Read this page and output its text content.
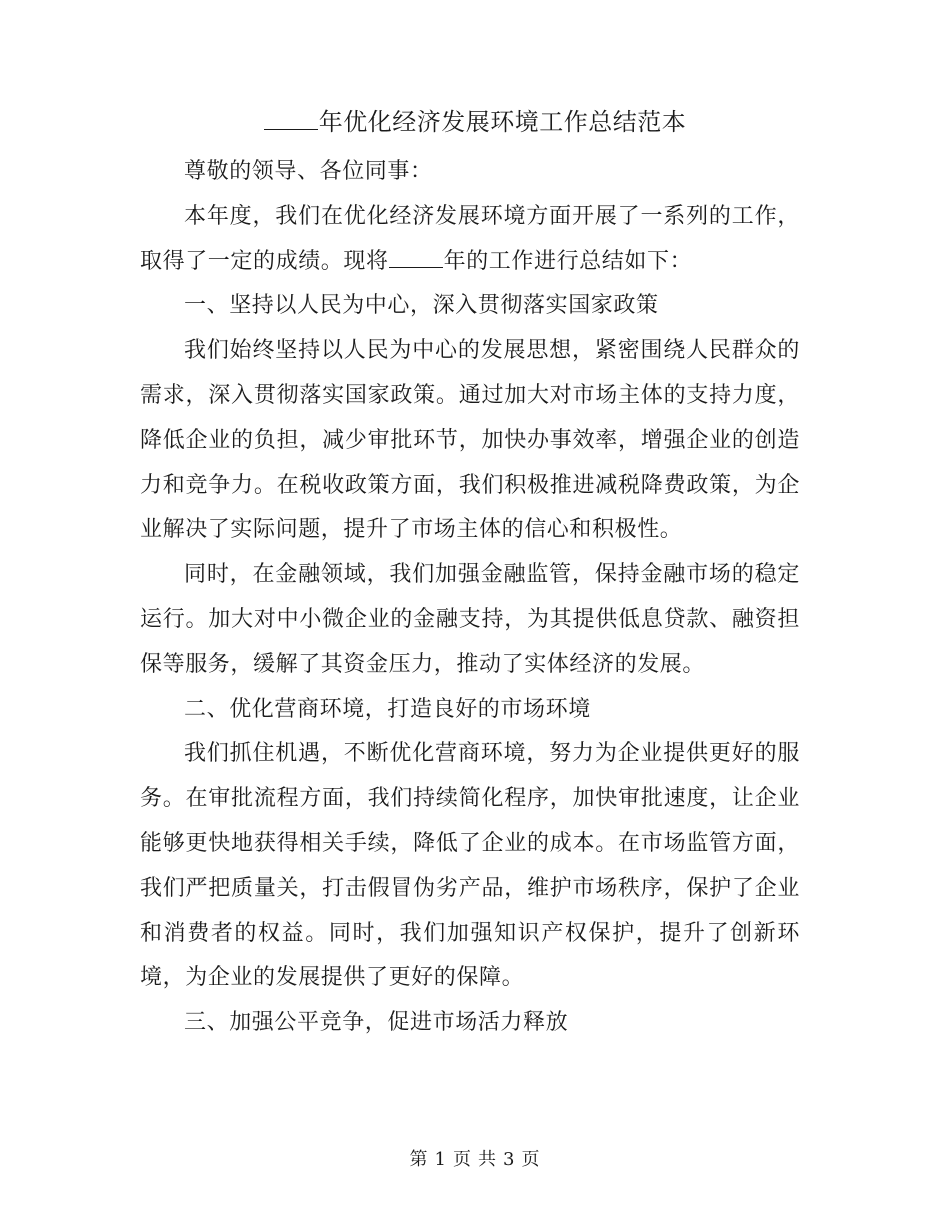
年优化经济发展环境工作总结范本

尊敬的领导、各位同事：

本年度，我们在优化经济发展环境方面开展了一系列的工作，取得了一定的成绩。现将	年的工作进行总结如下：

一、坚持以人民为中心，深入贯彻落实国家政策

我们始终坚持以人民为中心的发展思想，紧密围绕人民群众的需求，深入贯彻落实国家政策。通过加大对市场主体的支持力度，降低企业的负担，减少审批环节，加快办事效率，增强企业的创造力和竞争力。在税收政策方面，我们积极推进减税降费政策，为企业解决了实际问题，提升了市场主体的信心和积极性。

同时，在金融领域，我们加强金融监管，保持金融市场的稳定运行。加大对中小微企业的金融支持，为其提供低息贷款、融资担保等服务，缓解了其资金压力，推动了实体经济的发展。

二、优化营商环境，打造良好的市场环境

我们抓住机遇，不断优化营商环境，努力为企业提供更好的服务。在审批流程方面，我们持续简化程序，加快审批速度，让企业能够更快地获得相关手续，降低了企业的成本。在市场监管方面，我们严把质量关，打击假冒伪劣产品，维护市场秩序，保护了企业和消费者的权益。同时，我们加强知识产权保护，提升了创新环境，为企业的发展提供了更好的保障。

三、加强公平竞争，促进市场活力释放

第 1 页 共 3 页
